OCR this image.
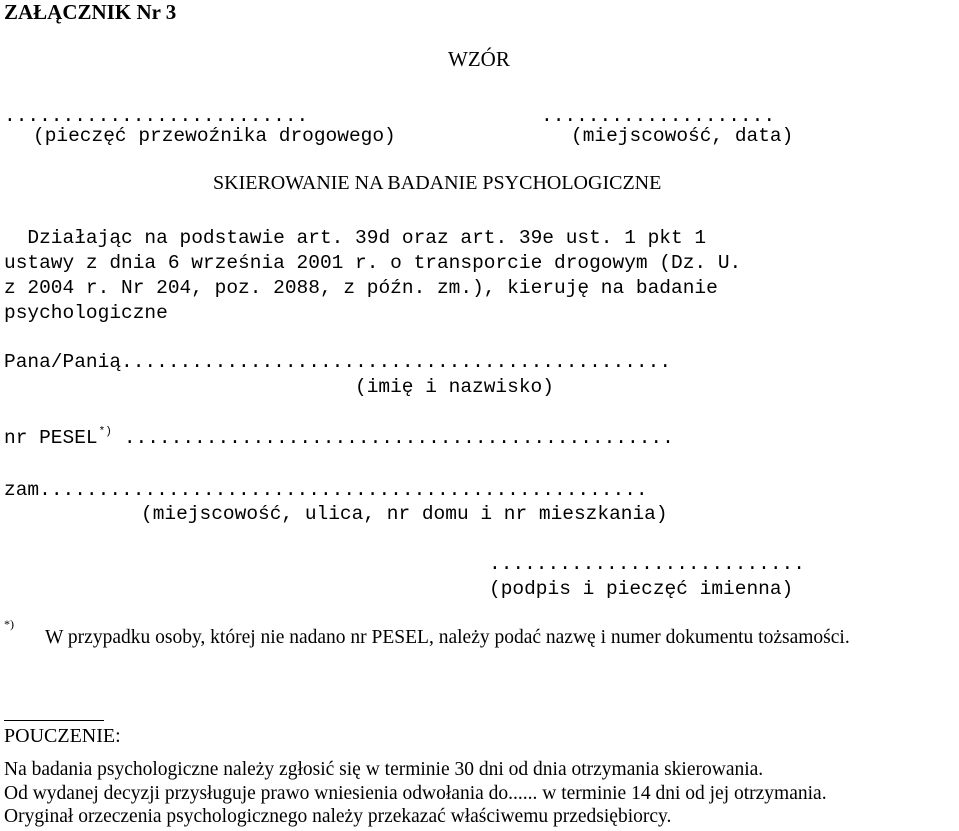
ZAŁĄCZNIK Nr 3
WZÓR
..........................	....................
(pieczęć przewoźnika drogowego)	(miejscowość, data)
SKIEROWANIE NA BADANIE PSYCHOLOGICZNE
Działając na podstawie art. 39d oraz art. 39e ust. 1 pkt 1
ustawy z dnia 6 września 2001 r. o transporcie drogowym (Dz. U.
z 2004 r. Nr 204, poz. 2088, z późn. zm.), kieruję na badanie
psychologiczne
Pana/Panią...............................................
(imię i nazwisko)
nr PESEL*) ...............................................
zam....................................................
(miejscowość, ulica, nr domu i nr mieszkania)
...........................
(podpis i pieczęć imienna)
*)
W przypadku osoby, której nie nadano nr PESEL, należy podać nazwę i numer dokumentu tożsamości.
POUCZENIE:
Na badania psychologiczne należy zgłosić się w terminie 30 dni od dnia otrzymania skierowania.
Od wydanej decyzji przysługuje prawo wniesienia odwołania do...... w terminie 14 dni od jej otrzymania.
Oryginał orzeczenia psychologicznego należy przekazać właściwemu przedsiębiorcy.
